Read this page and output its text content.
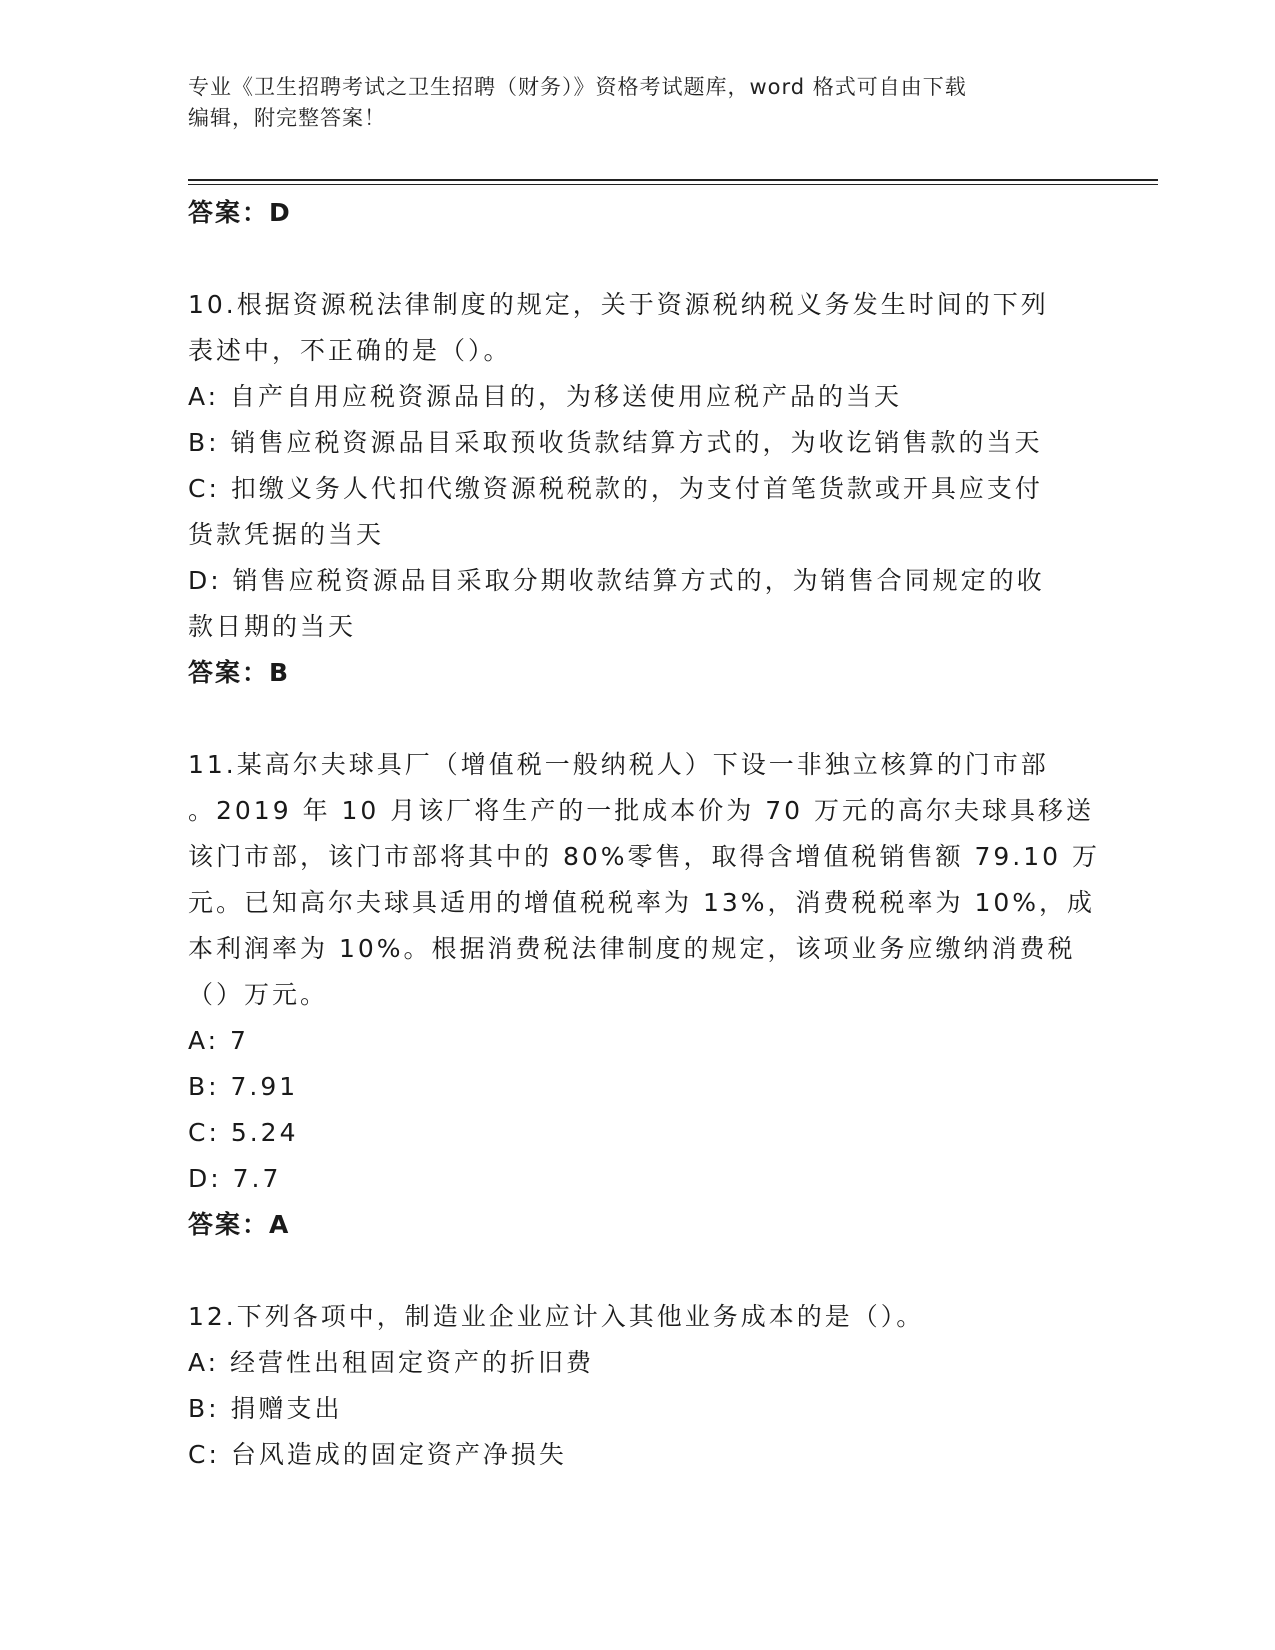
专业《卫生招聘考试之卫生招聘（财务）》资格考试题库，word 格式可自由下载
编辑，附完整答案！
答案：D
10.根据资源税法律制度的规定，关于资源税纳税义务发生时间的下列
表述中，不正确的是（）。
A: 自产自用应税资源品目的，为移送使用应税产品的当天
B: 销售应税资源品目采取预收货款结算方式的，为收讫销售款的当天
C: 扣缴义务人代扣代缴资源税税款的，为支付首笔货款或开具应支付
货款凭据的当天
D: 销售应税资源品目采取分期收款结算方式的，为销售合同规定的收
款日期的当天
答案：B
11.某高尔夫球具厂（增值税一般纳税人）下设一非独立核算的门市部
。2019 年 10 月该厂将生产的一批成本价为 70 万元的高尔夫球具移送
该门市部，该门市部将其中的 80%零售，取得含增值税销售额 79.10 万
元。已知高尔夫球具适用的增值税税率为 13%，消费税税率为 10%，成
本利润率为 10%。根据消费税法律制度的规定，该项业务应缴纳消费税
（）万元。
A: 7
B: 7.91
C: 5.24
D: 7.7
答案：A
12.下列各项中，制造业企业应计入其他业务成本的是（）。
A: 经营性出租固定资产的折旧费
B: 捐赠支出
C: 台风造成的固定资产净损失
